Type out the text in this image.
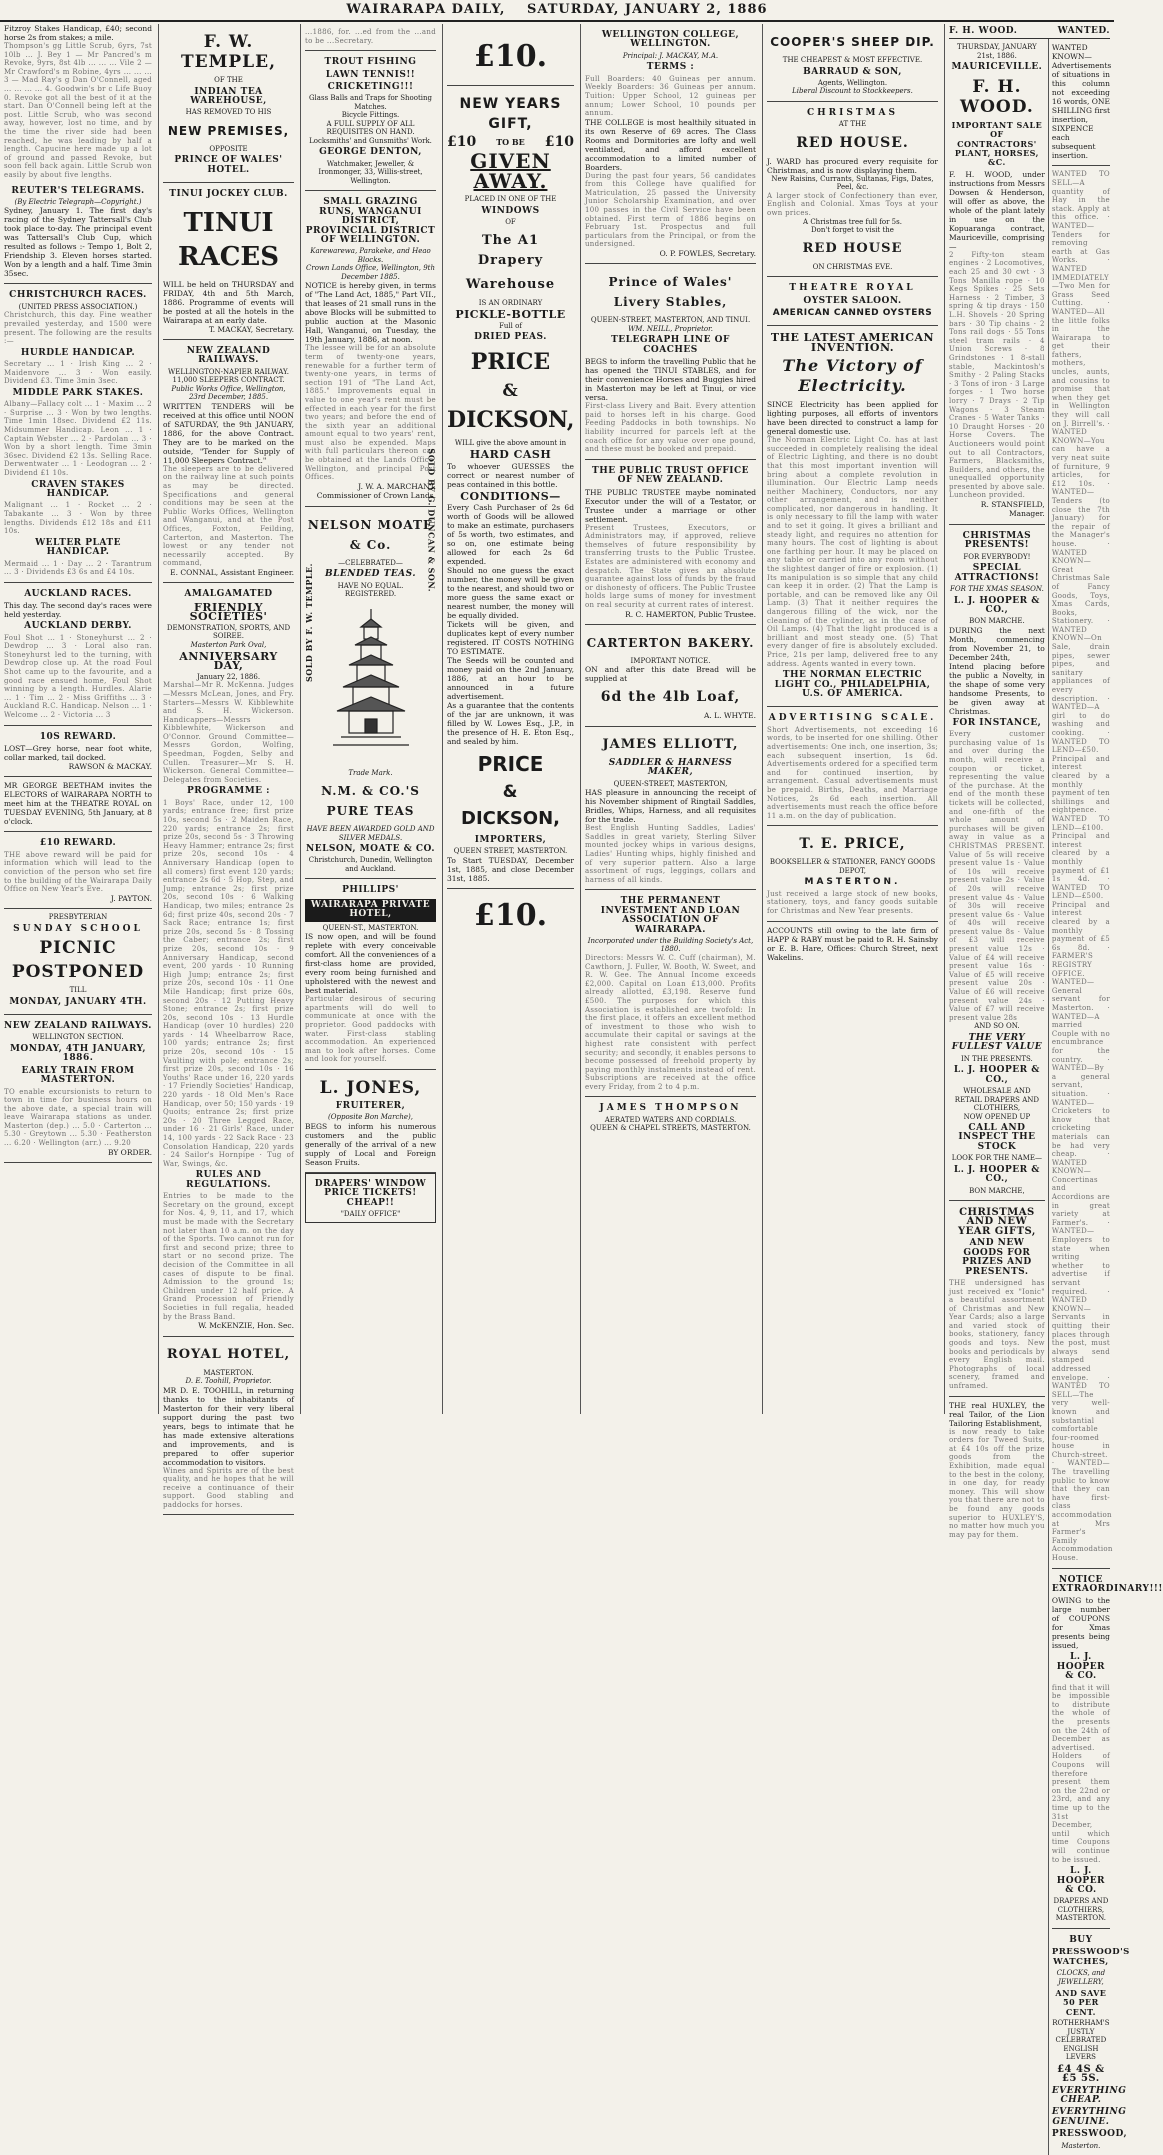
WAIRARAPA DAILY, SATURDAY, JANUARY 2, 1886
Fitzroy Stakes Handicap, £40; second horse 2s from stakes; a mile.
Thompson's gg Little Scrub, 6yrs, 7st 10lb ... J. Bey 1 — Mr Pancred's m Revoke, 9yrs, 8st 4lb ... ... ... Vile 2 — Mr Crawford's m Robine, 4yrs ... ... ... 3 — Mad Ray's g Dan O'Connell, aged ... ... ... ... 4. Goodwin's br c Life Buoy 0. Revoke got all the best of it at the start. Dan O'Connell being left at the post. Little Scrub, who was second away, however, lost no time, and by the time the river side had been reached, he was leading by half a length. Capucine here made up a lot of ground and passed Revoke, but soon fell back again. Little Scrub won easily by about five lengths.
REUTER'S TELEGRAMS.
(By Electric Telegraph—Copyright.)
Sydney, January 1. The first day's racing of the Sydney Tattersall's Club took place to-day. The principal event was Tattersall's Club Cup, which resulted as follows :- Tempo 1, Bolt 2, Friendship 3. Eleven horses started. Won by a length and a half. Time 3min 35sec.
CHRISTCHURCH RACES.
(UNITED PRESS ASSOCIATION.)
Christchurch, this day. Fine weather prevailed yesterday, and 1500 were present. The following are the results :—
HURDLE HANDICAP.
Secretary ... 1 · Irish King ... 2 · Maidenvore ... 3 · Won easily. Dividend £3. Time 3min 3sec.
MIDDLE PARK STAKES.
Albany—Fallacy colt ... 1 · Maxim ... 2 · Surprise ... 3 · Won by two lengths. Time 1min 18sec. Dividend £2 11s. Midsummer Handicap. Leon ... 1 · Captain Webster ... 2 · Pardolan ... 3 · Won by a short length. Time 3min 36sec. Dividend £2 13s. Selling Race. Derwentwater ... 1 · Leodogran ... 2 · Dividend £1 10s.
CRAVEN STAKES HANDICAP.
Malignant ... 1 · Rocket ... 2 · Tabakante ... 3 · Won by three lengths. Dividends £12 18s and £11 10s.
WELTER PLATE HANDICAP.
Mermaid ... 1 · Day ... 2 · Tarantrum ... 3 · Dividends £3 6s and £4 10s.
AUCKLAND RACES.
This day. The second day's races were held yesterday.
AUCKLAND DERBY.
Foul Shot ... 1 · Stoneyhurst ... 2 · Dewdrop ... 3 · Loral also ran. Stoneyhurst led to the turning, with Dewdrop close up. At the road Foul Shot came up to the favourite, and a good race ensued home, Foul Shot winning by a length. Hurdles. Alarie ... 1 · Tim ... 2 · Miss Griffiths ... 3 · Auckland R.C. Handicap. Nelson ... 1 · Welcome ... 2 · Victoria ... 3
10S REWARD.
LOST—Grey horse, near foot white, collar marked, tail docked.
RAWSON & MACKAY.
MR GEORGE BEETHAM invites the ELECTORS of WAIRARAPA NORTH to meet him at the THEATRE ROYAL on TUESDAY EVENING, 5th January, at 8 o'clock.
£10 REWARD.
THE above reward will be paid for information which will lead to the conviction of the person who set fire to the building of the Wairarapa Daily Office on New Year's Eve.
J. PAYTON.
PRESBYTERIAN
SUNDAY SCHOOL
PICNIC
POSTPONED
TILL
MONDAY, JANUARY 4TH.
NEW ZEALAND RAILWAYS.
WELLINGTON SECTION.
MONDAY, 4TH JANUARY, 1886.
EARLY TRAIN FROM MASTERTON.
TO enable excursionists to return to town in time for business hours on the above date, a special train will leave Wairarapa stations as under. Masterton (dep.) ... 5.0 · Carterton ... 5.30 · Greytown ... 5.30 · Featherston ... 6.20 · Wellington (arr.) ... 9.20
BY ORDER.
F. W. TEMPLE,
OF THE
INDIAN TEA WAREHOUSE,
HAS REMOVED TO HIS
NEW PREMISES,
OPPOSITE
PRINCE OF WALES' HOTEL.
TINUI JOCKEY CLUB.
TINUI RACES
WILL be held on THURSDAY and FRIDAY, 4th and 5th March, 1886. Programme of events will be posted at all the hotels in the Wairarapa at an early date.
T. MACKAY, Secretary.
NEW ZEALAND RAILWAYS.
WELLINGTON-NAPIER RAILWAY.
11,000 SLEEPERS CONTRACT.
Public Works Office, Wellington, 23rd December, 1885.
WRITTEN TENDERS will be received at this office until NOON of SATURDAY, the 9th JANUARY, 1886, for the above Contract. They are to be marked on the outside, "Tender for Supply of 11,000 Sleepers Contract."
The sleepers are to be delivered on the railway line at such points as may be directed. Specifications and general conditions may be seen at the Public Works Offices, Wellington and Wanganui, and at the Post Offices, Foxton, Feilding, Carterton, and Masterton. The lowest or any tender not necessarily accepted. By command,
E. CONNAL, Assistant Engineer.
AMALGAMATED
FRIENDLY SOCIETIES'
DEMONSTRATION, SPORTS, AND SOIREE.
Masterton Park Oval,
ANNIVERSARY DAY,
January 22, 1886.
Marshal—Mr R. McKenna. Judges—Messrs McLean, Jones, and Fry. Starters—Messrs W. Kibblewhite and S. H. Wickerson. Handicappers—Messrs Kibblewhite, Wickerson and O'Connor. Ground Committee—Messrs Gordon, Wolfing, Speedman, Fogden, Selby and Cullen. Treasurer—Mr S. H. Wickerson. General Committee—Delegates from Societies.
PROGRAMME :
1 Boys' Race, under 12, 100 yards; entrance free; first prize 10s, second 5s · 2 Maiden Race, 220 yards; entrance 2s; first prize 20s, second 5s · 3 Throwing Heavy Hammer; entrance 2s; first prize 20s, second 10s · 4 Anniversary Handicap (open to all comers) first event 120 yards; entrance 2s 6d · 5 Hop, Step, and Jump; entrance 2s; first prize 20s, second 10s · 6 Walking Handicap, two miles; entrance 2s 6d; first prize 40s, second 20s · 7 Sack Race; entrance 1s; first prize 20s, second 5s · 8 Tossing the Caber; entrance 2s; first prize 20s, second 10s · 9 Anniversary Handicap, second event, 200 yards · 10 Running High Jump; entrance 2s; first prize 20s, second 10s · 11 One Mile Handicap; first prize 60s, second 20s · 12 Putting Heavy Stone; entrance 2s; first prize 20s, second 10s · 13 Hurdle Handicap (over 10 hurdles) 220 yards · 14 Wheelbarrow Race, 100 yards; entrance 2s; first prize 20s, second 10s · 15 Vaulting with pole; entrance 2s; first prize 20s, second 10s · 16 Youths' Race under 16, 220 yards · 17 Friendly Societies' Handicap, 220 yards · 18 Old Men's Race Handicap, over 50; 150 yards · 19 Quoits; entrance 2s; first prize 20s · 20 Three Legged Race, under 16 · 21 Girls' Race, under 14, 100 yards · 22 Sack Race · 23 Consolation Handicap, 220 yards · 24 Sailor's Hornpipe · Tug of War, Swings, &c.
RULES AND REGULATIONS.
Entries to be made to the Secretary on the ground, except for Nos. 4, 9, 11, and 17, which must be made with the Secretary not later than 10 a.m. on the day of the Sports. Two cannot run for first and second prize; three to start or no second prize. The decision of the Committee in all cases of dispute to be final. Admission to the ground 1s; Children under 12 half price. A Grand Procession of Friendly Societies in full regalia, headed by the Brass Band.
W. McKENZIE, Hon. Sec.
ROYAL HOTEL,
MASTERTON.
D. E. Toohill, Proprietor.
MR D. E. TOOHILL, in returning thanks to the inhabitants of Masterton for their very liberal support during the past two years, begs to intimate that he has made extensive alterations and improvements, and is prepared to offer superior accommodation to visitors.
Wines and Spirits are of the best quality, and he hopes that he will receive a continuance of their support. Good stabling and paddocks for horses.
...1886, for. ...ed from the ...and to be ...Secretary.
TROUT FISHING
LAWN TENNIS!!
CRICKETING!!!
Glass Balls and Traps for Shooting Matches.
Bicycle Fittings.
A FULL SUPPLY OF ALL REQUISITES ON HAND.
Locksmiths' and Gunsmiths' Work.
GEORGE DENTON,
Watchmaker, Jeweller, & Ironmonger, 33, Willis-street, Wellington.
SMALL GRAZING RUNS, WANGANUI DISTRICT, PROVINCIAL DISTRICT OF WELLINGTON.
Karewarewa, Parakeke, and Heao Blocks.
Crown Lands Office, Wellington, 9th December 1885.
NOTICE is hereby given, in terms of "The Land Act, 1885," Part VII., that leases of 21 small runs in the above Blocks will be submitted to public auction at the Masonic Hall, Wanganui, on Tuesday, the 19th January, 1886, at noon.
The lessee will be for an absolute term of twenty-one years, renewable for a further term of twenty-one years, in terms of section 191 of "The Land Act, 1885." Improvements equal in value to one year's rent must be effected in each year for the first two years; and before the end of the sixth year an additional amount equal to two years' rent, must also be expended. Maps with full particulars thereon can be obtained at the Lands Office, Wellington, and principal Post Offices.
J. W. A. MARCHANT, Commissioner of Crown Lands.
NELSON MOATE & Co.
—CELEBRATED—
BLENDED TEAS.
HAVE NO EQUAL.
REGISTERED.
SOLD BY F. W. TEMPLE.
SOLD BY G. DUNCAN & SON.
Trade Mark.
N.M. & CO.'S PURE TEAS
HAVE BEEN AWARDED GOLD AND SILVER MEDALS.
NELSON, MOATE & CO.
Christchurch, Dunedin, Wellington and Auckland.
PHILLIPS'
WAIRARAPA PRIVATE HOTEL,
QUEEN-ST., MASTERTON.
IS now open, and will be found replete with every conceivable comfort. All the conveniences of a first-class home are provided, every room being furnished and upholstered with the newest and best material.
Particular desirous of securing apartments will do well to communicate at once with the proprietor. Good paddocks with water. First-class stabling accommodation. An experienced man to look after horses. Come and look for yourself.
L. JONES,
FRUITERER,
(Opposite Bon Marche),
BEGS to inform his numerous customers and the public generally of the arrival of a new supply of Local and Foreign Season Fruits.
DRAPERS' WINDOW PRICE TICKETS! CHEAP!!
"DAILY OFFICE"
£10.
NEW YEARS GIFT,
£10 TO BE £10
GIVEN AWAY.
PLACED IN ONE OF THE
WINDOWS
OF
The A1 Drapery
Warehouse
IS AN ORDINARY
PICKLE-BOTTLE
Full of
DRIED PEAS.
PRICE
&
DICKSON,
WILL give the above amount in
HARD CASH
To whoever GUESSES the correct or nearest number of peas contained in this bottle.
CONDITIONS—
Every Cash Purchaser of 2s 6d worth of Goods will be allowed to make an estimate, purchasers of 5s worth, two estimates, and so on, one estimate being allowed for each 2s 6d expended.
Should no one guess the exact number, the money will be given to the nearest, and should two or more guess the same exact or nearest number, the money will be equally divided.
Tickets will be given, and duplicates kept of every number registered. IT COSTS NOTHING TO ESTIMATE.
The Seeds will be counted and money paid on the 2nd January, 1886, at an hour to be announced in a future advertisement.
As a guarantee that the contents of the jar are unknown, it was filled by W. Lowes Esq., J.P., in the presence of H. E. Eton Esq., and sealed by him.
PRICE
&
DICKSON,
IMPORTERS,
QUEEN STREET, MASTERTON.
To Start TUESDAY, December 1st, 1885, and close December 31st, 1885.
£10.
WELLINGTON COLLEGE, WELLINGTON.
Principal: J. MACKAY, M.A.
TERMS :
Full Boarders: 40 Guineas per annum. Weekly Boarders: 36 Guineas per annum. Tuition: Upper School, 12 guineas per annum; Lower School, 10 pounds per annum.
THE COLLEGE is most healthily situated in its own Reserve of 69 acres. The Class Rooms and Dormitories are lofty and well ventilated, and afford excellent accommodation to a limited number of Boarders.
During the past four years, 56 candidates from this College have qualified for Matriculation, 25 passed the University Junior Scholarship Examination, and over 100 passes in the Civil Service have been obtained. First term of 1886 begins on February 1st. Prospectus and full particulars from the Principal, or from the undersigned.
O. P. FOWLES, Secretary.
Prince of Wales' Livery Stables,
QUEEN-STREET, MASTERTON, AND TINUI.
WM. NEILL, Proprietor.
TELEGRAPH LINE OF COACHES
BEGS to inform the travelling Public that he has opened the TINUI STABLES, and for their convenience Horses and Buggies hired in Masterton may be left at Tinui, or vice versa.
First-class Livery and Bait. Every attention paid to horses left in his charge. Good Feeding Paddocks in both townships. No liability incurred for parcels left at the coach office for any value over one pound, and these must be booked and prepaid.
THE PUBLIC TRUST OFFICE OF NEW ZEALAND.
THE PUBLIC TRUSTEE maybe nominated Executor under the will of a Testator, or Trustee under a marriage or other settlement.
Present Trustees, Executors, or Administrators may, if approved, relieve themselves of future responsibility by transferring trusts to the Public Trustee. Estates are administered with economy and despatch. The State gives an absolute guarantee against loss of funds by the fraud or dishonesty of officers. The Public Trustee holds large sums of money for investment on real security at current rates of interest.
R. C. HAMERTON, Public Trustee.
CARTERTON BAKERY.
IMPORTANT NOTICE.
ON and after this date Bread will be supplied at
6d the 4lb Loaf,
A. L. WHYTE.
JAMES ELLIOTT,
SADDLER & HARNESS MAKER,
QUEEN-STREET, MASTERTON,
HAS pleasure in announcing the receipt of his November shipment of Ringtail Saddles, Bridles, Whips, Harness, and all requisites for the trade.
Best English Hunting Saddles, Ladies' Saddles in great variety, Sterling Silver mounted jockey whips in various designs, Ladies' Hunting whips, highly finished and of very superior pattern. Also a large assortment of rugs, leggings, collars and harness of all kinds.
THE PERMANENT INVESTMENT AND LOAN ASSOCIATION OF WAIRARAPA.
Incorporated under the Building Society's Act, 1880.
Directors: Messrs W. C. Cuff (chairman), M. Cawthorn, J. Fuller, W. Booth, W. Sweet, and R. W. Gee. The Annual Income exceeds £2,000. Capital on Loan £13,000. Profits already allotted, £3,198. Reserve fund £500. The purposes for which this Association is established are twofold: In the first place, it offers an excellent method of investment to those who wish to accumulate their capital or savings at the highest rate consistent with perfect security; and secondly, it enables persons to become possessed of freehold property by paying monthly instalments instead of rent. Subscriptions are received at the office every Friday, from 2 to 4 p.m.
JAMES THOMPSON
AERATED WATERS AND CORDIALS.
QUEEN & CHAPEL STREETS, MASTERTON.
COOPER'S SHEEP DIP.
THE CHEAPEST & MOST EFFECTIVE.
BARRAUD & SON,
Agents, Wellington.
Liberal Discount to Stockkeepers.
CHRISTMAS
AT THE
RED HOUSE.
J. WARD has procured every requisite for Christmas, and is now displaying them.
New Raisins, Currants, Sultanas, Figs, Dates, Peel, &c.
A larger stock of Confectionery than ever, English and Colonial. Xmas Toys at your own prices.
A Christmas tree full for 5s.
Don't forget to visit the
RED HOUSE
ON CHRISTMAS EVE.
THEATRE ROYAL
OYSTER SALOON.
AMERICAN CANNED OYSTERS
THE LATEST AMERICAN INVENTION.
The Victory of Electricity.
SINCE Electricity has been applied for lighting purposes, all efforts of inventors have been directed to construct a lamp for general domestic use.
The Norman Electric Light Co. has at last succeeded in completely realising the ideal of Electric Lighting, and there is no doubt that this most important invention will bring about a complete revolution in illumination. Our Electric Lamp needs neither Machinery, Conductors, nor any other arrangement, and is neither complicated, nor dangerous in handling. It is only necessary to fill the lamp with water and to set it going. It gives a brilliant and steady light, and requires no attention for many hours. The cost of lighting is about one farthing per hour. It may be placed on any table or carried into any room without the slightest danger of fire or explosion. (1) Its manipulation is so simple that any child can keep it in order. (2) That the Lamp is portable, and can be removed like any Oil Lamp. (3) That it neither requires the dangerous filling of the wick, nor the cleaning of the cylinder, as in the case of Oil Lamps. (4) That the light produced is a brilliant and most steady one. (5) That every danger of fire is absolutely excluded. Price, 21s per lamp, delivered free to any address. Agents wanted in every town.
THE NORMAN ELECTRIC LIGHT CO., PHILADELPHIA, U.S. OF AMERICA.
ADVERTISING SCALE.
Short Advertisements, not exceeding 16 words, to be inserted for one shilling. Other advertisements: One inch, one insertion, 3s; each subsequent insertion, 1s 6d. Advertisements ordered for a specified term and for continued insertion, by arrangement. Casual advertisements must be prepaid. Births, Deaths, and Marriage Notices, 2s 6d each insertion. All advertisements must reach the office before 11 a.m. on the day of publication.
T. E. PRICE,
BOOKSELLER & STATIONER, FANCY GOODS DEPOT,
MASTERTON.
Just received a large stock of new books, stationery, toys, and fancy goods suitable for Christmas and New Year presents.
ACCOUNTS still owing to the late firm of HAPP & RABY must be paid to R. H. Sainsby or E. B. Hare, Offices: Church Street, next Wakelins.
F. H. WOOD.	WANTED.
THURSDAY, JANUARY 21st, 1886.
MAURICEVILLE.
F. H. WOOD.
IMPORTANT SALE OF CONTRACTORS' PLANT, HORSES, &C.
F. H. WOOD, under instructions from Messrs Dowsen & Henderson, will offer as above, the whole of the plant lately in use on the Kopuaranga contract, Mauriceville, comprising—
2 Fifty-ton steam engines · 2 Locomotives, each 25 and 30 cwt · 3 Tons Manilla rope · 10 Kegs Spikes · 25 Sets Harness · 2 Timber, 3 spring & tip drays · 150 L.H. Shovels · 20 Spring bars · 30 Tip chains · 2 Tons rail dogs · 55 Tons steel tram rails · 4 Union Screws · 8 Grindstones · 1 8-stall stable, Mackintosh's Smithy · 2 Paling Stacks · 3 Tons of iron · 3 Large forges · 1 Two horse lorry · 7 Drays · 2 Tip Wagons · 3 Steam Cranes · 5 Water Tanks · 10 Draught Horses · 20 Horse Covers. The Auctioneers would point out to all Contractors, Farmers, Blacksmiths, Builders, and others, the unequalled opportunity presented by above sale. Luncheon provided.
R. STANSFIELD, Manager.
CHRISTMAS PRESENTS!
FOR EVERYBODY!
SPECIAL ATTRACTIONS!
FOR THE XMAS SEASON.
L. J. HOOPER & CO.,
BON MARCHE.
DURING the next Month, commencing from November 21, to December 24th,
Intend placing before the public a Novelty, in the shape of some very handsome Presents, to be given away at Christmas.
FOR INSTANCE,
Every customer purchasing value of 1s and over during the month, will receive a coupon or ticket, representing the value of the purchase. At the end of the month these tickets will be collected, and one-fifth of the whole amount of purchases will be given away in value as a CHRISTMAS PRESENT. Value of 5s will receive present value 1s · Value of 10s will receive present value 2s · Value of 20s will receive present value 4s · Value of 30s will receive present value 6s · Value of 40s will receive present value 8s · Value of £3 will receive present value 12s · Value of £4 will receive present value 16s · Value of £5 will receive present value 20s · Value of £6 will receive present value 24s · Value of £7 will receive present value 28s
AND SO ON.
THE VERY FULLEST VALUE
IN THE PRESENTS.
L. J. HOOPER & CO.,
WHOLESALE AND RETAIL DRAPERS AND CLOTHIERS,
NOW OPENED UP
CALL AND INSPECT THE STOCK
LOOK FOR THE NAME—
L. J. HOOPER & CO.,
BON MARCHE,
CHRISTMAS AND NEW YEAR GIFTS,
AND NEW GOODS FOR PRIZES AND PRESENTS.
THE undersigned has just received ex "Ionic" a beautiful assortment of Christmas and New Year Cards; also a large and varied stock of books, stationery, fancy goods and toys. New books and periodicals by every English mail. Photographs of local scenery, framed and unframed.
THE real HUXLEY, the real Tailor, of the Lion Tailoring Establishment,
is now ready to take orders for Tweed Suits, at £4 10s off the prize goods from the Exhibition, made equal to the best in the colony, in one day, for ready money. This will show you that there are not to be found any goods superior to HUXLEY'S, no matter how much you may pay for them.
WANTED KNOWN—Advertisements of situations in this column not exceeding 16 words, ONE SHILLING first insertion, SIXPENCE each subsequent insertion.
WANTED TO SELL—A quantity of Hay in the stack. Apply at this office. · WANTED—Tenders for removing earth at Gas Works. · WANTED IMMEDIATELY—Two Men for Grass Seed Cutting. · WANTED—All the little folks in the Wairarapa to get their fathers, mothers, uncles, aunts, and cousins to promise that when they get in Wellington they will call on J. Birrell's. · WANTED KNOWN—You can have a very neat suite of furniture, 9 articles, for £12 10s. · WANTED—Tenders (to close the 7th January) for the repair of the Manager's house. · WANTED KNOWN—Great Christmas Sale of Fancy Goods, Toys, Xmas Cards, Books, Stationery. · WANTED KNOWN—On Sale, drain pipes, sewer pipes, and sanitary appliances of every description. · WANTED—A girl to do washing and cooking. · WANTED TO LEND—£50. Principal and interest cleared by a monthly payment of ten shillings and eightpence. · WANTED TO LEND—£100. Principal and interest cleared by a monthly payment of £1 1s 4d. · WANTED TO LEND—£500. Principal and interest cleared by a monthly payment of £5 6s 8d. · FARMER'S REGISTRY OFFICE. WANTED—General servant for Masterton. · WANTED—A married Couple with no encumbrance for the country. · WANTED—By a general servant, situation. · WANTED—Cricketers to know that cricketing materials can be had very cheap. · WANTED KNOWN—Concertinas and Accordions are in great variety at Farmer's. · WANTED—Employers to state when writing whether to advertise if servant required. · WANTED KNOWN—Servants in quitting their places through the post, must always send stamped addressed envelope. · WANTED TO SELL—The very well-known and substantial comfortable four-roomed house in Church-street. · WANTED—The travelling public to know that they can have first-class accommodation at Mrs Farmer's Family Accommodation House.
NOTICE EXTRAORDINARY!!!
OWING to the large number of COUPONS for Xmas presents being issued,
L. J. HOOPER & CO.
find that it will be impossible to distribute the whole of the presents on the 24th of December as advertised. Holders of Coupons will therefore present them on the 22nd or 23rd, and any time up to the 31st December, until which time Coupons will continue to be issued.
L. J. HOOPER & CO.
DRAPERS AND CLOTHIERS,
MASTERTON.
BUY
PRESSWOOD'S WATCHES,
CLOCKS, and JEWELLERY,
AND SAVE 50 PER CENT.
ROTHERHAM'S JUSTLY CELEBRATED ENGLISH LEVERS
£4 4S & £5 5S.
EVERYTHING CHEAP.
EVERYTHING GENUINE.
PRESSWOOD,
Masterton.
